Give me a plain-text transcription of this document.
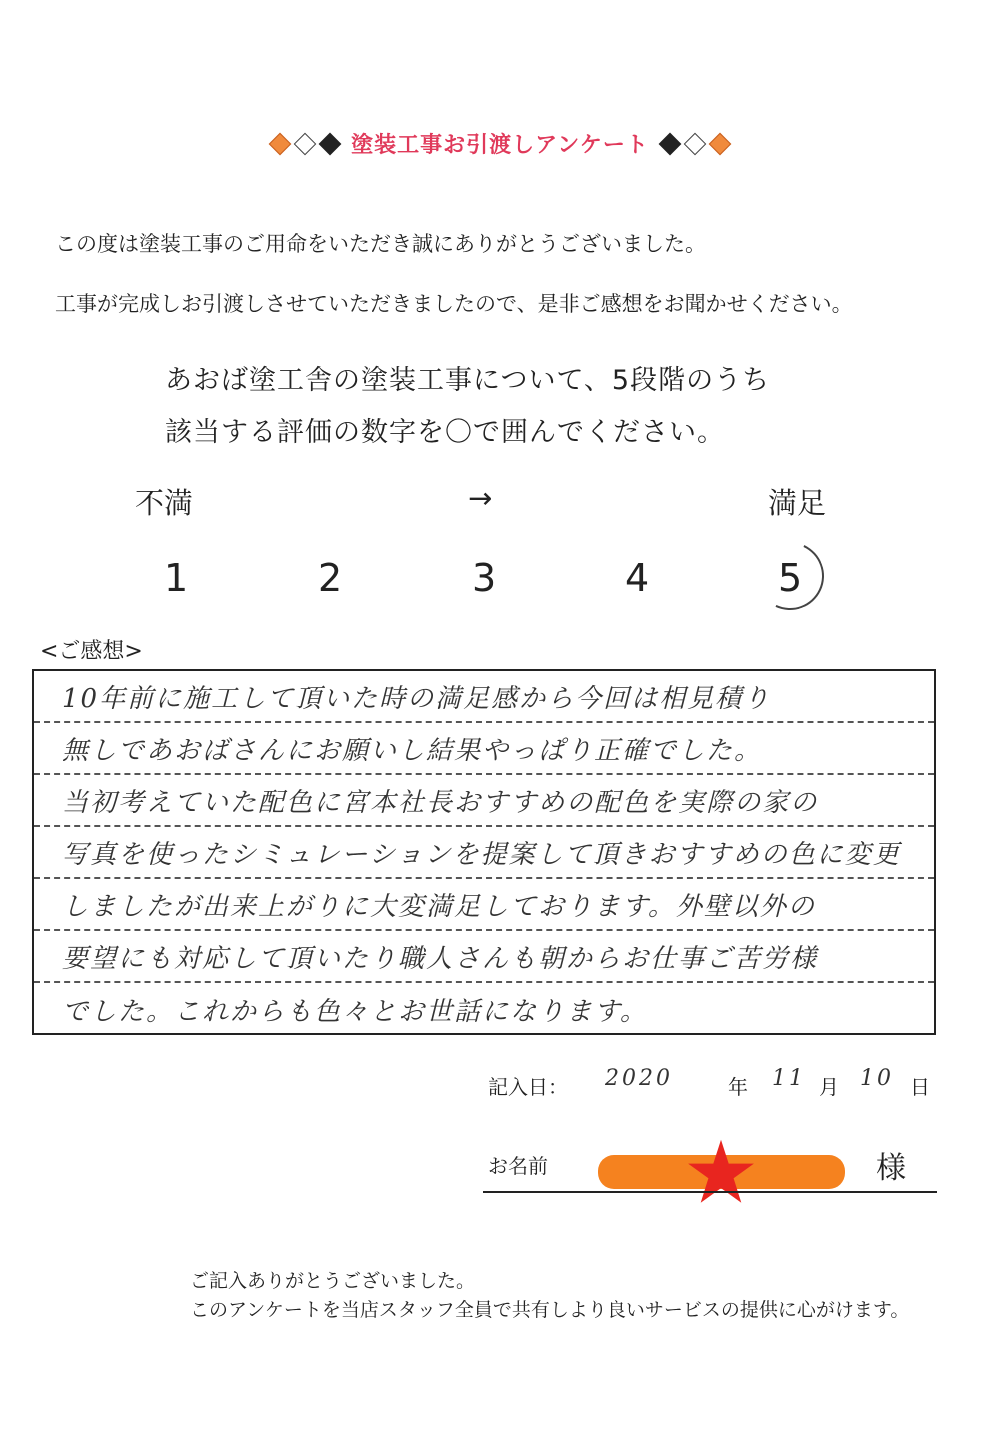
塗装工事お引渡しアンケート
この度は塗装工事のご用命をいただき誠にありがとうございました。
工事が完成しお引渡しさせていただきましたので、是非ご感想をお聞かせください。
あおば塗工舎の塗装工事について、5段階のうち
該当する評価の数字を〇で囲んでください。
不満	→	満足
1	2	3	4	5
<ご感想>
10年前に施工して頂いた時の満足感から今回は相見積り
無しであおばさんにお願いし結果やっぱり正確でした。
当初考えていた配色に宮本社長おすすめの配色を実際の家の
写真を使ったシミュレーションを提案して頂きおすすめの色に変更
しましたが出来上がりに大変満足しております。外壁以外の
要望にも対応して頂いたり職人さんも朝からお仕事ご苦労様
でした。これからも色々とお世話になります。
記入日： 2020	年 11 月 10 日
お名前	様
ご記入ありがとうございました。
このアンケートを当店スタッフ全員で共有しより良いサービスの提供に心がけます。
